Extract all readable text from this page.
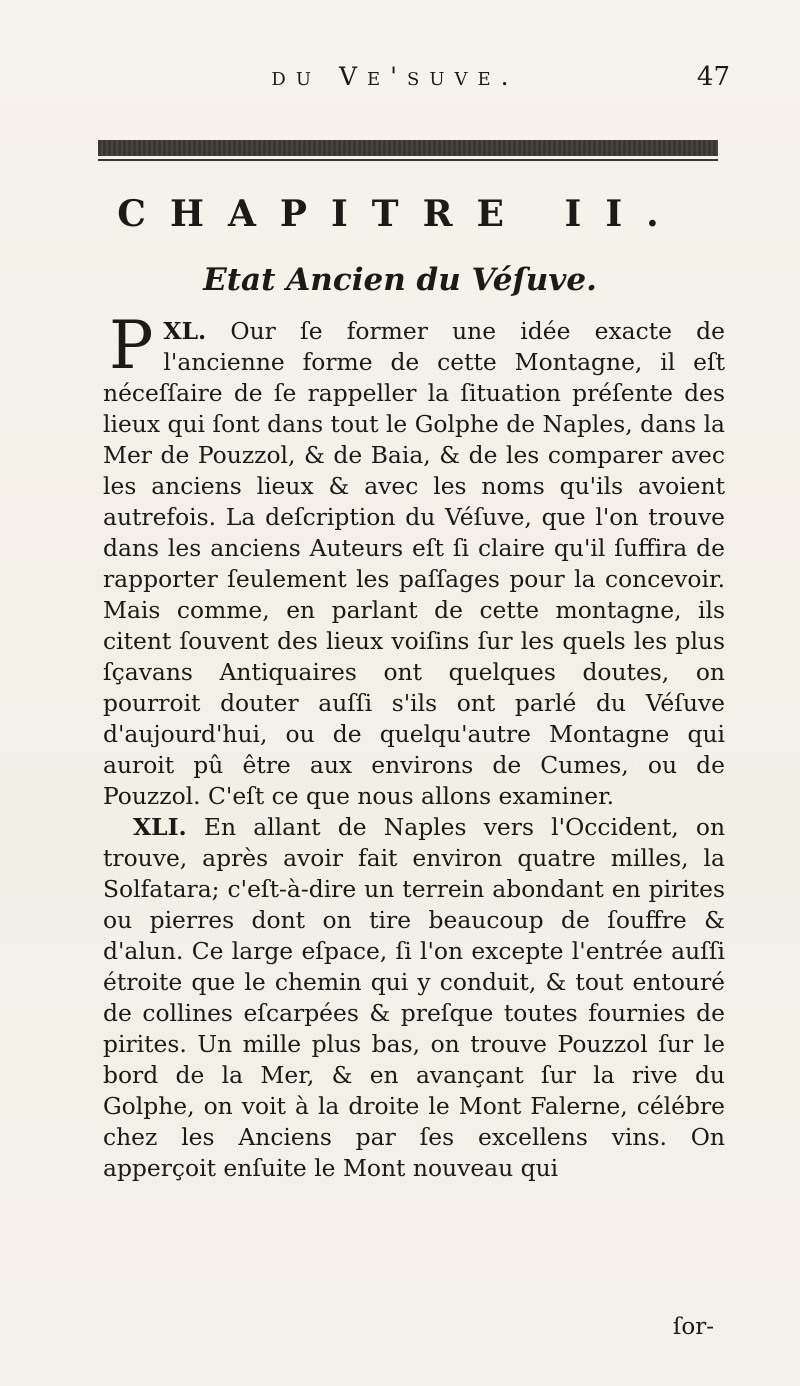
du Ve'suve.	47
CHAPITRE II.
Etat Ancien du Véſuve.

XL.
P	Our ſe former une idée exacte de l'ancienne forme de cette Montagne, il eſt néceſſaire de ſe rappeller la ſituation préſente des lieux qui ſont dans tout le Golphe de Naples, dans la Mer de Pouzzol, & de Baia, & de les comparer avec les anciens lieux & avec les noms qu'ils avoient autrefois. La deſcription du Véſuve, que l'on trouve dans les anciens Auteurs eſt ſi claire qu'il ſuffira de rapporter ſeulement les paſſages pour la concevoir. Mais comme, en parlant de cette montagne, ils citent ſouvent des lieux voiſins ſur les quels les plus ſçavans Antiquaires ont quelques doutes, on pourroit douter auſſi s'ils ont parlé du Véſuve d'aujourd'hui, ou de quelqu'autre Montagne qui auroit pû être aux environs de Cumes, ou de Pouzzol. C'eſt ce que nous allons examiner.

XLI. En allant de Naples vers l'Occident, on trouve, après avoir fait environ quatre milles, la Solfatara; c'eſt-à-dire un terrein abondant en pirites ou pierres dont on tire beaucoup de ſouffre & d'alun. Ce large eſpace, ſi l'on excepte l'entrée auſſi étroite que le chemin qui y conduit, & tout entouré de collines eſcarpées & preſque toutes fournies de pirites. Un mille plus bas, on trouve Pouzzol ſur le bord de la Mer, & en avançant ſur la rive du Golphe, on voit à la droite le Mont Falerne, célébre chez les Anciens par ſes excellens vins. On apperçoit enſuite le Mont nouveau qui

ſor-
